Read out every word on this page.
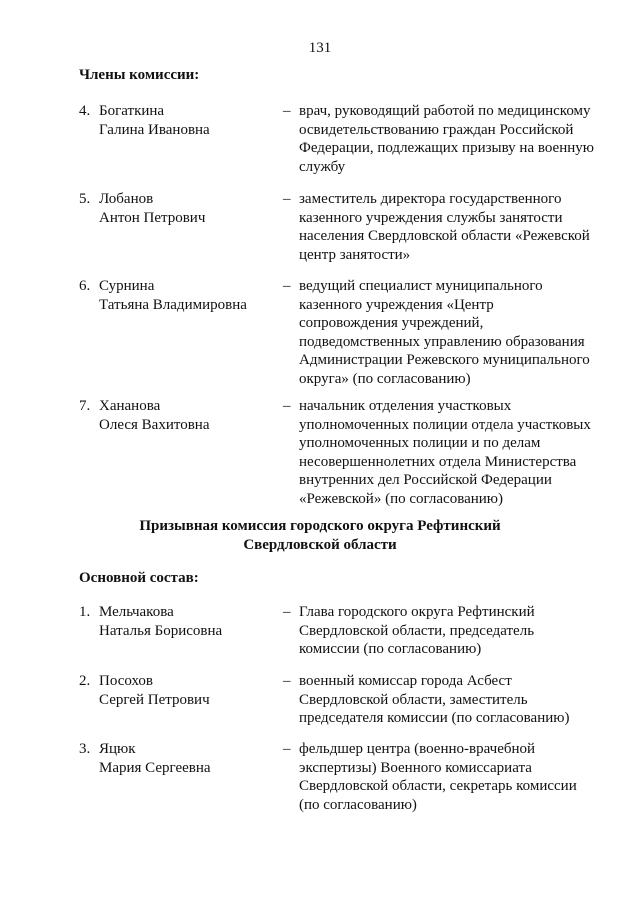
131
Члены комиссии:
4. Богаткина
Галина Ивановна
– врач, руководящий работой по медицинскому
освидетельствованию граждан Российской
Федерации, подлежащих призыву на военную
службу
5. Лобанов
Антон Петрович
– заместитель директора государственного
казенного учреждения службы занятости
населения Свердловской области «Режевской
центр занятости»
6. Сурнина
Татьяна Владимировна
– ведущий специалист муниципального
казенного учреждения «Центр
сопровождения учреждений,
подведомственных управлению образования
Администрации Режевского муниципального
округа» (по согласованию)
7. Хананова
Олеся Вахитовна
– начальник отделения участковых
уполномоченных полиции отдела участковых
уполномоченных полиции и по делам
несовершеннолетних отдела Министерства
внутренних дел Российской Федерации
«Режевской» (по согласованию)
Призывная комиссия городского округа Рефтинский
Свердловской области
Основной состав:
1. Мельчакова
Наталья Борисовна
– Глава городского округа Рефтинский
Свердловской области, председатель
комиссии (по согласованию)
2. Посохов
Сергей Петрович
– военный комиссар города Асбест
Свердловской области, заместитель
председателя комиссии (по согласованию)
3. Яцюк
Мария Сергеевна
– фельдшер центра (военно-врачебной
экспертизы) Военного комиссариата
Свердловской области, секретарь комиссии
(по согласованию)
